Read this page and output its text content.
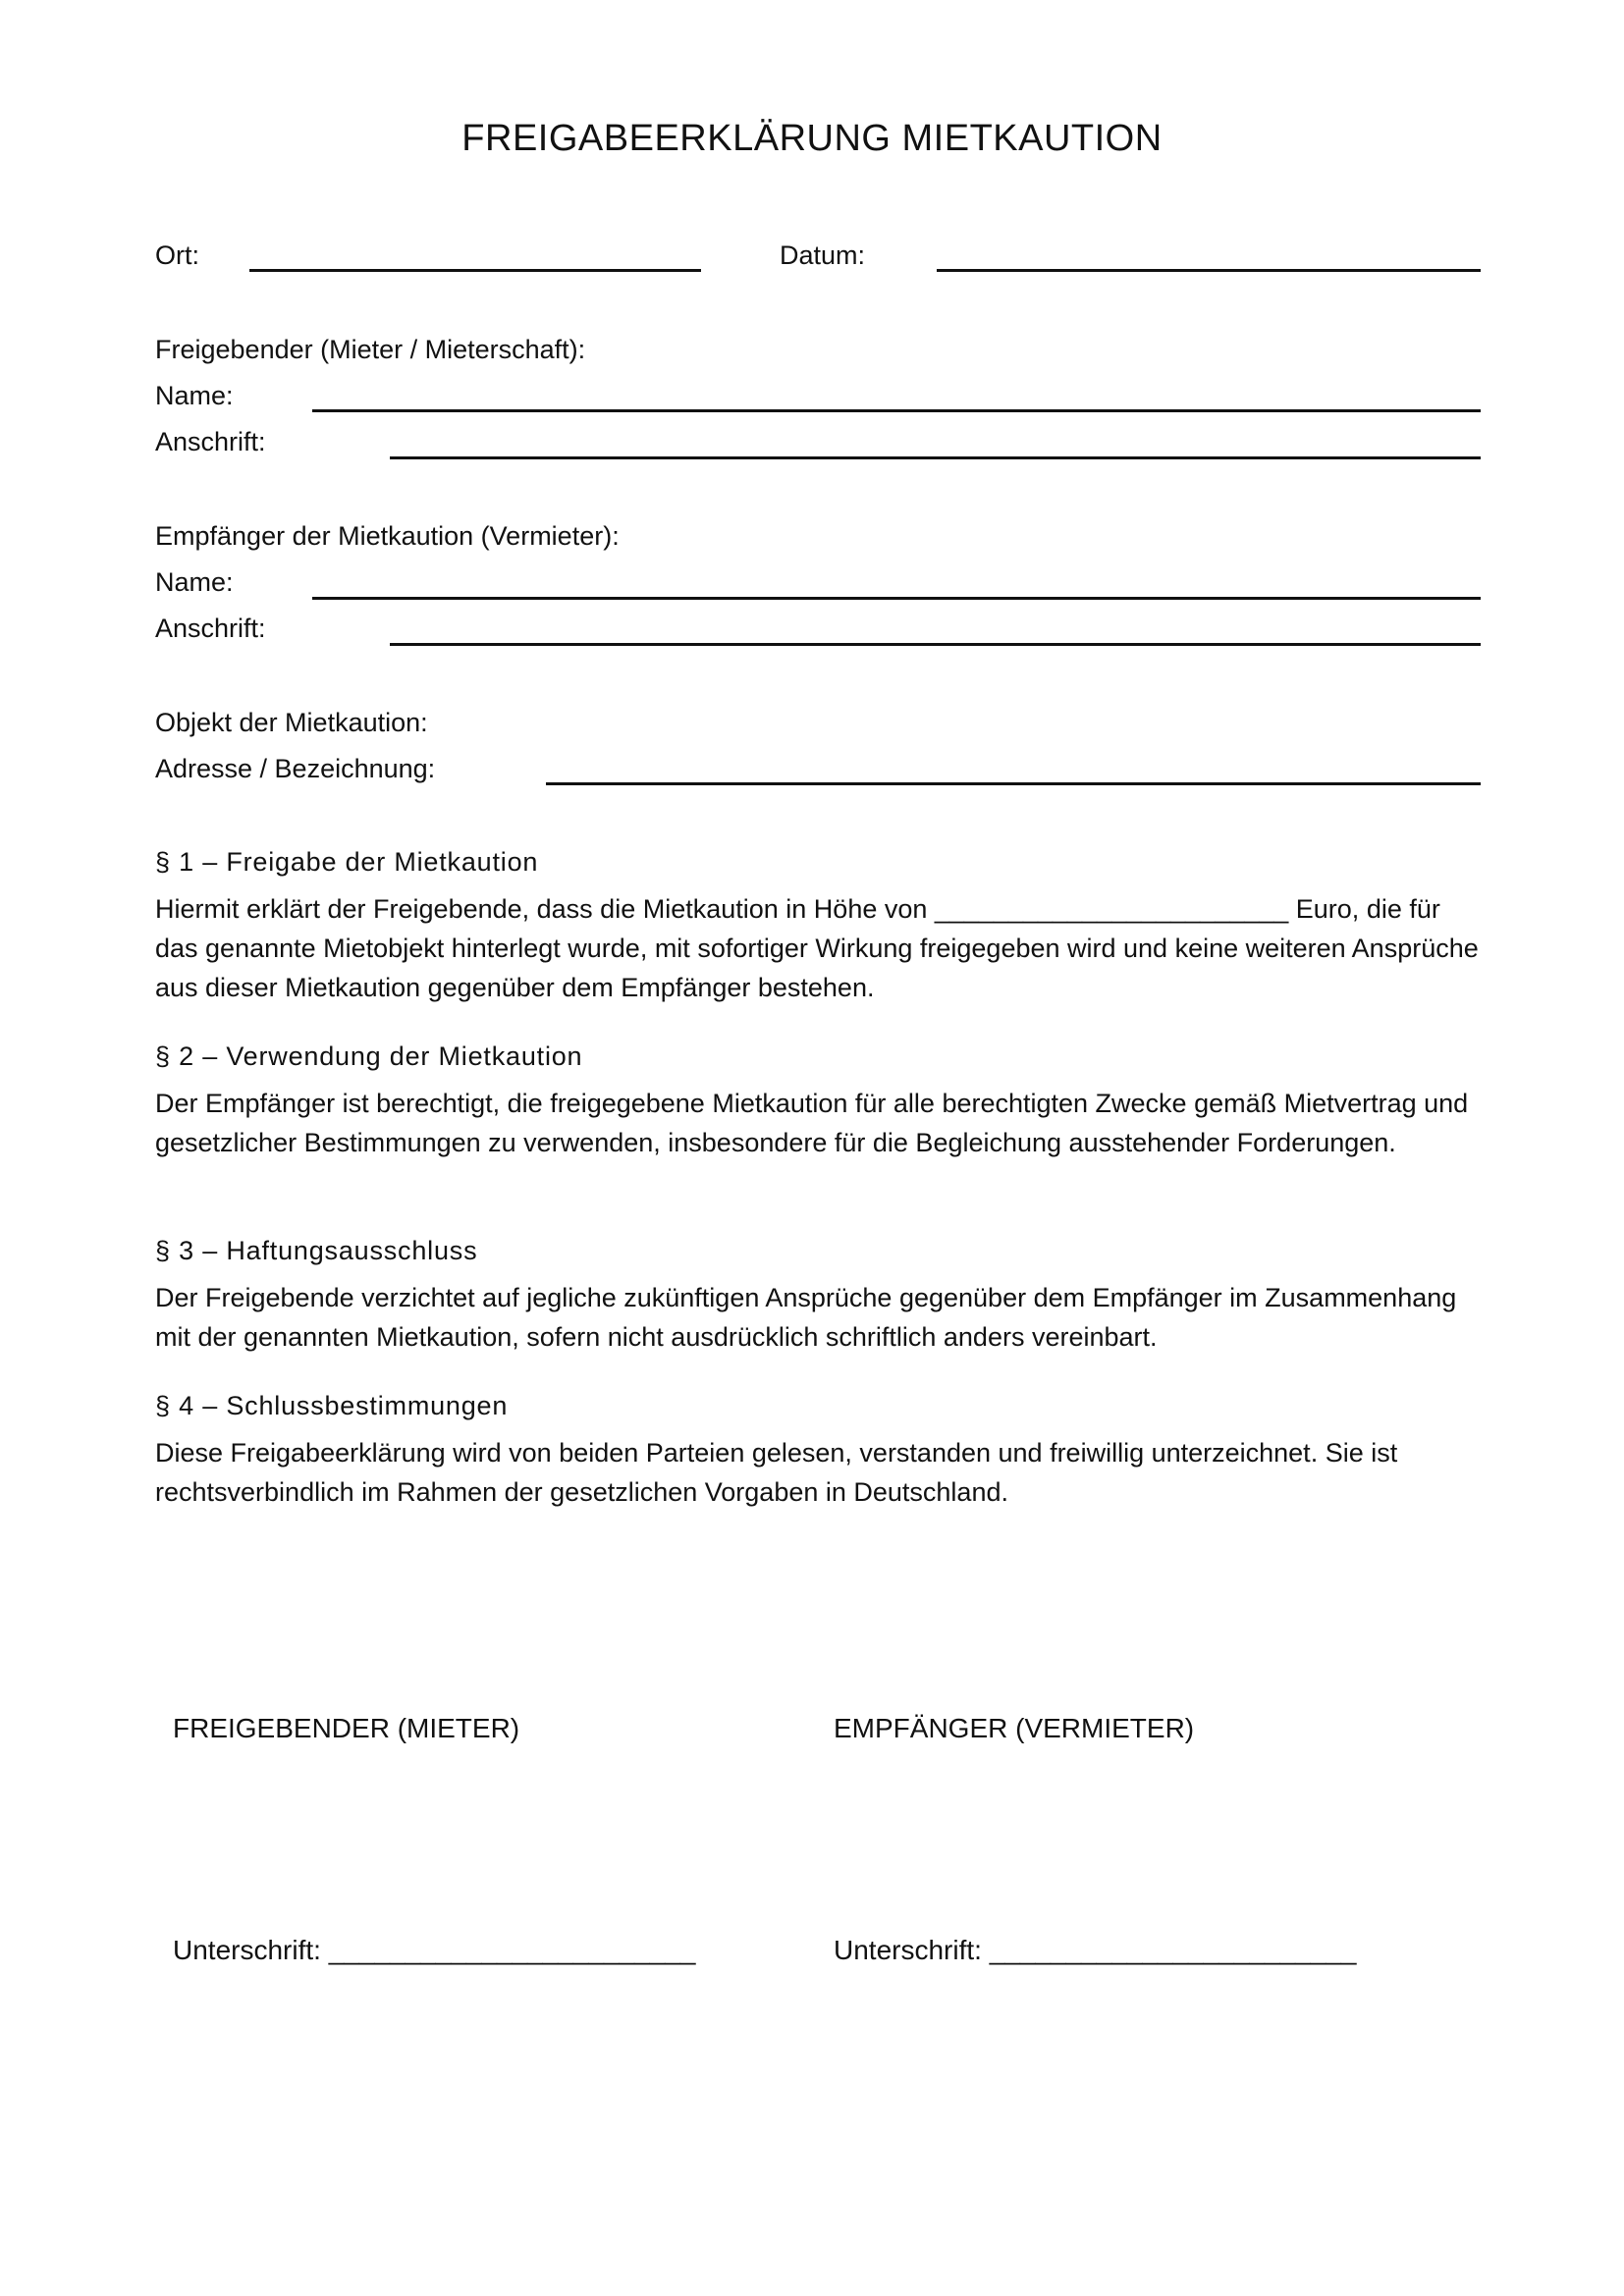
FREIGABEERKLÄRUNG MIETKAUTION
Ort:	Datum:
Freigebender (Mieter / Mieterschaft):
Name:
Anschrift:
Empfänger der Mietkaution (Vermieter):
Name:
Anschrift:
Objekt der Mietkaution:
Adresse / Bezeichnung:
§ 1 – Freigabe der Mietkaution
Hiermit erklärt der Freigebende, dass die Mietkaution in Höhe von ________________________ Euro, die für das genannte Mietobjekt hinterlegt wurde, mit sofortiger Wirkung freigegeben wird und keine weiteren Ansprüche aus dieser Mietkaution gegenüber dem Empfänger bestehen.
§ 2 – Verwendung der Mietkaution
Der Empfänger ist berechtigt, die freigegebene Mietkaution für alle berechtigten Zwecke gemäß Mietvertrag und gesetzlicher Bestimmungen zu verwenden, insbesondere für die Begleichung ausstehender Forderungen.
§ 3 – Haftungsausschluss
Der Freigebende verzichtet auf jegliche zukünftigen Ansprüche gegenüber dem Empfänger im Zusammenhang mit der genannten Mietkaution, sofern nicht ausdrücklich schriftlich anders vereinbart.
§ 4 – Schlussbestimmungen
Diese Freigabeerklärung wird von beiden Parteien gelesen, verstanden und freiwillig unterzeichnet. Sie ist rechtsverbindlich im Rahmen der gesetzlichen Vorgaben in Deutschland.
FREIGEBENDER (MIETER)	EMPFÄNGER (VERMIETER)
Unterschrift: ________________________	Unterschrift: ________________________
